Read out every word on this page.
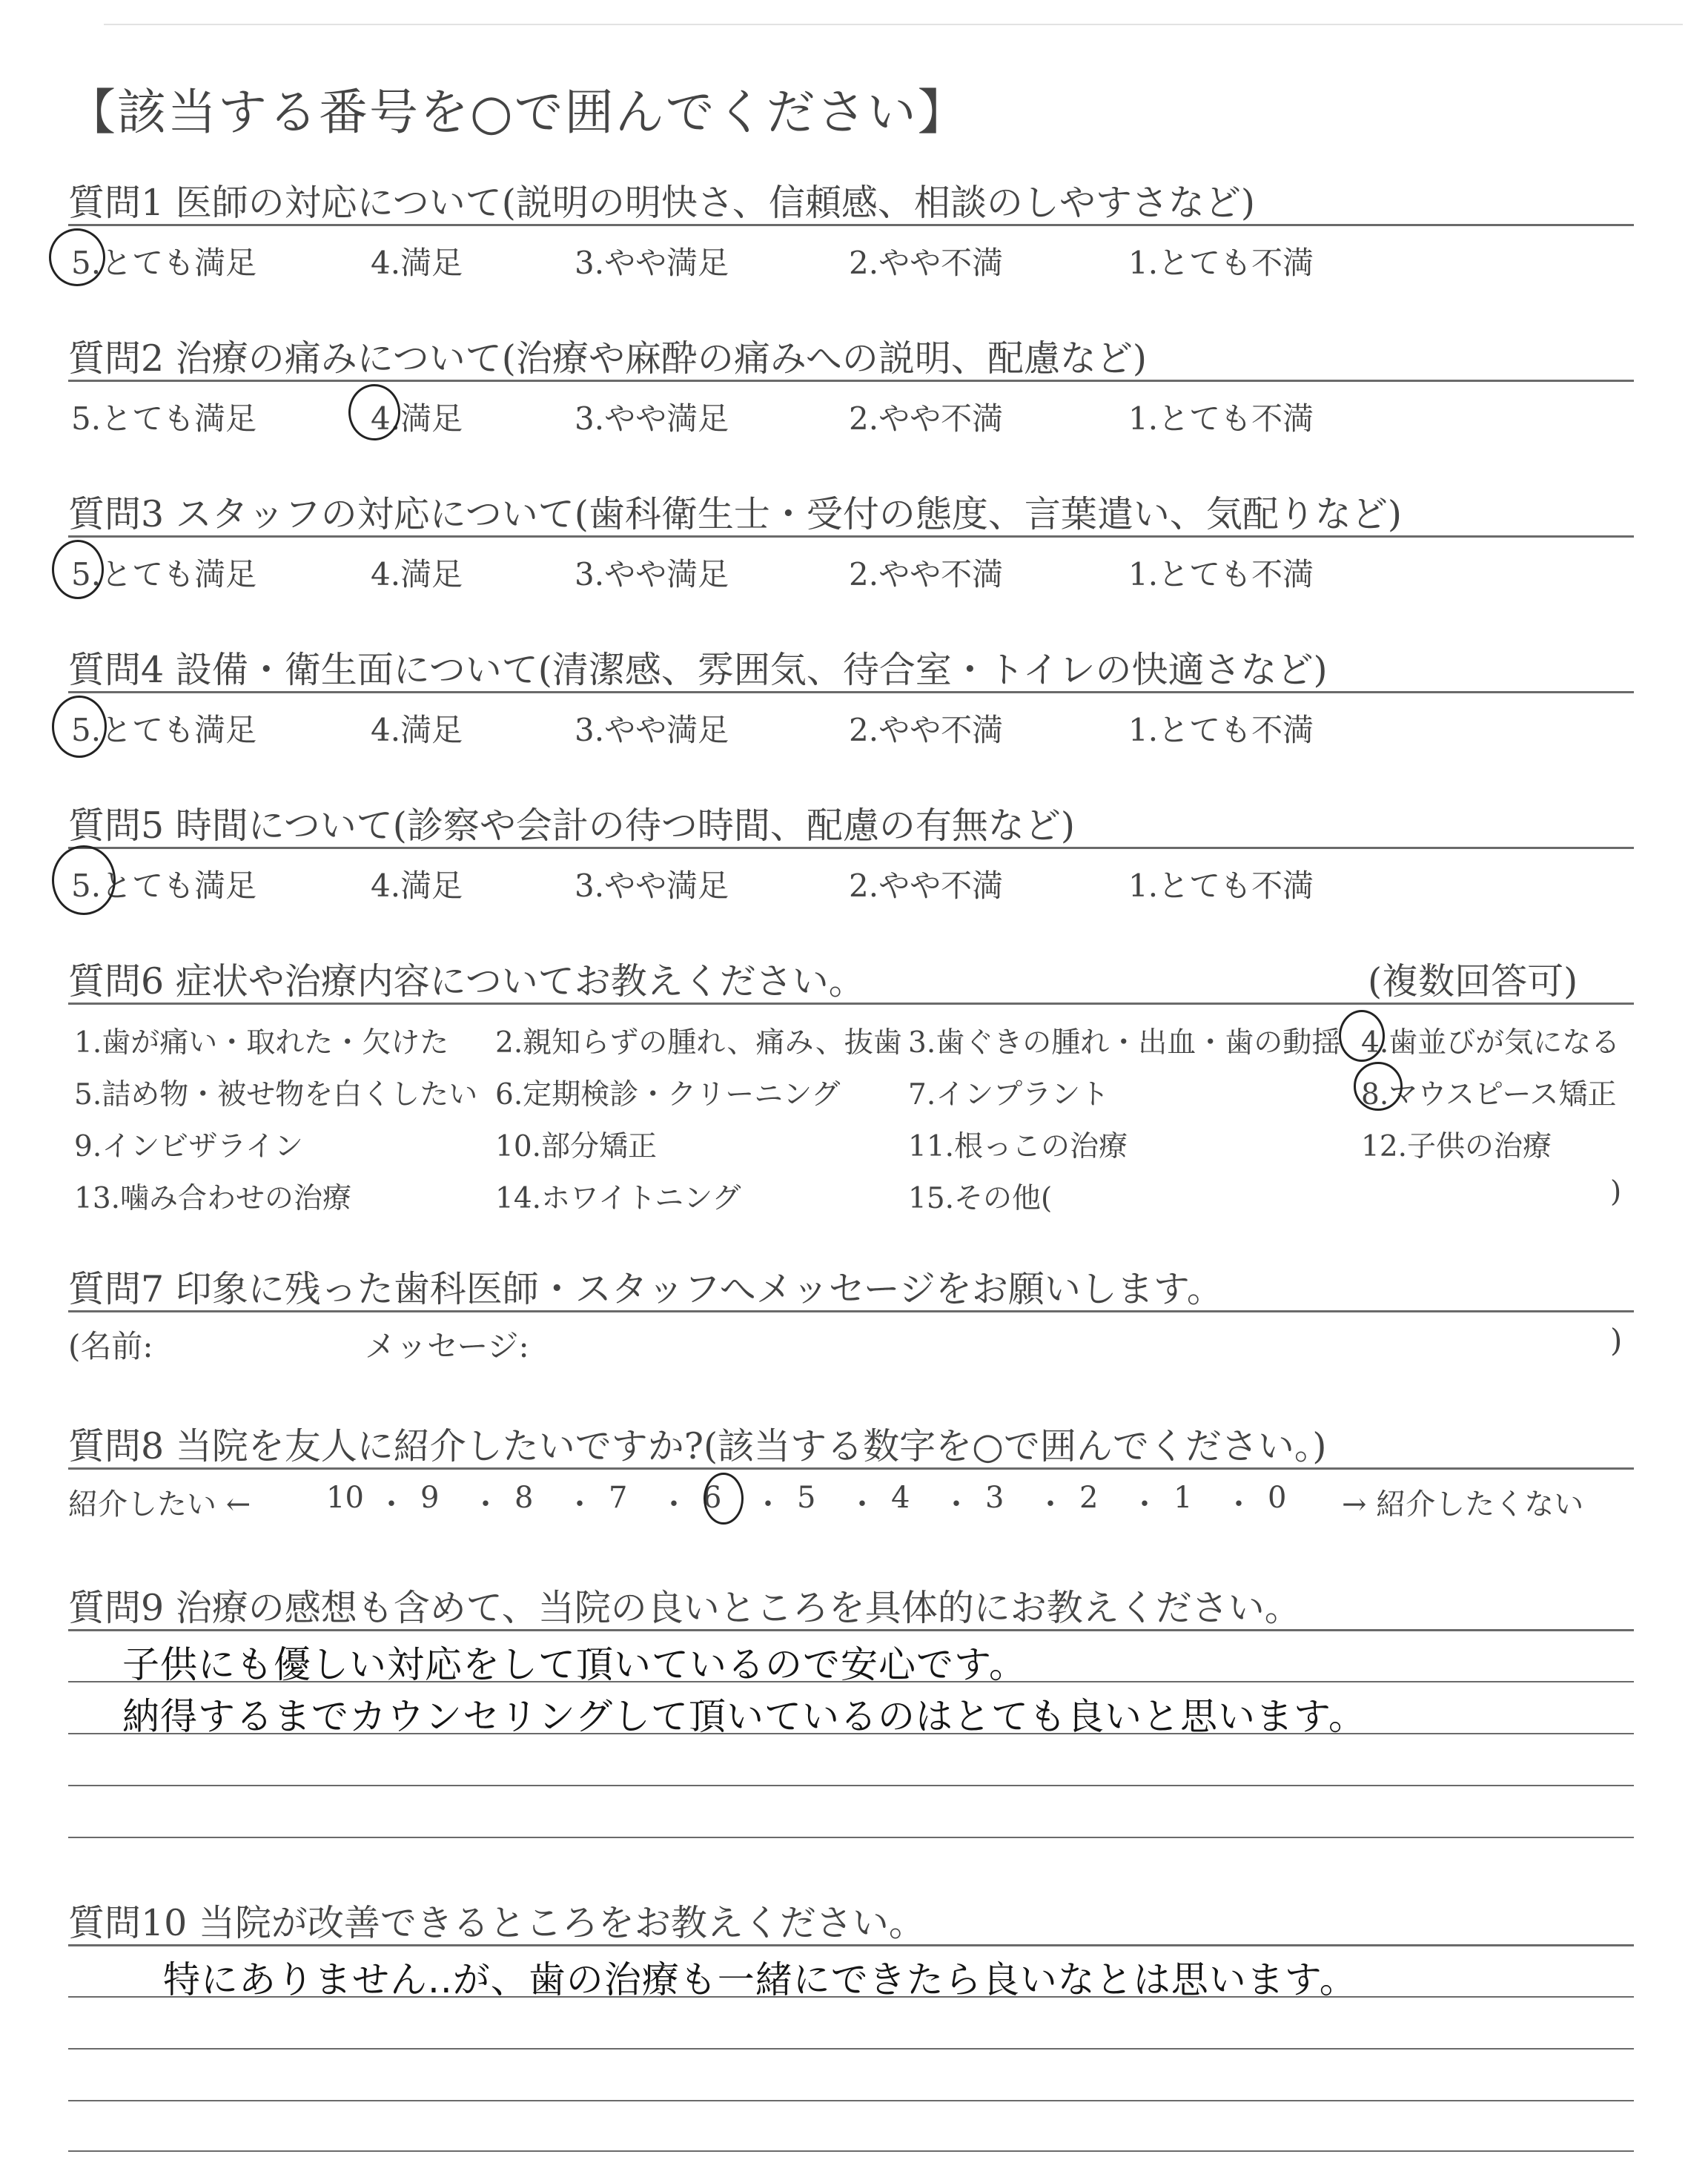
【該当する番号を○で囲んでください】
質問1 医師の対応について(説明の明快さ、信頼感、相談のしやすさなど)
質問2 治療の痛みについて(治療や麻酔の痛みへの説明、配慮など)
質問3 スタッフの対応について(歯科衛生士・受付の態度、言葉遣い、気配りなど)
質問4 設備・衛生面について(清潔感、雰囲気、待合室・トイレの快適さなど)
質問5 時間について(診察や会計の待つ時間、配慮の有無など)
5.とても満足	4.満足	3.やや満足	2.やや不満	1.とても不満
5.とても満足	4.満足	3.やや満足	2.やや不満	1.とても不満
5.とても満足	4.満足	3.やや満足	2.やや不満	1.とても不満
5.とても満足	4.満足	3.やや満足	2.やや不満	1.とても不満
5.とても満足	4.満足	3.やや満足	2.やや不満	1.とても不満
質問6 症状や治療内容についてお教えください。	(複数回答可)
1.歯が痛い・取れた・欠けた 2.親知らずの腫れ、痛み、抜歯 3.歯ぐきの腫れ・出血・歯の動揺 4.歯並びが気になる
5.詰め物・被せ物を白くしたい 6.定期検診・クリーニング 7.インプラント	8.マウスピース矯正
9.インビザライン	10.部分矯正	11.根っこの治療	12.子供の治療
13.噛み合わせの治療	14.ホワイトニング	15.その他(	)
質問7 印象に残った歯科医師・スタッフへメッセージをお願いします。
(名前:	メッセージ:	)
質問8 当院を友人に紹介したいですか?(該当する数字を○で囲んでください。)
紹介したい ←	10 ・ 9 ・ 8 ・ 7 ・ 6 ・ 5 ・ 4 ・ 3 ・ 2 ・ 1 ・ 0 → 紹介したくない
質問9 治療の感想も含めて、当院の良いところを具体的にお教えください。
子供にも優しい対応をして頂いているので安心です。
納得するまでカウンセリングして頂いているのはとても良いと思います。
質問10 当院が改善できるところをお教えください。
特にありません..が、歯の治療も一緒にできたら良いなとは思います。
